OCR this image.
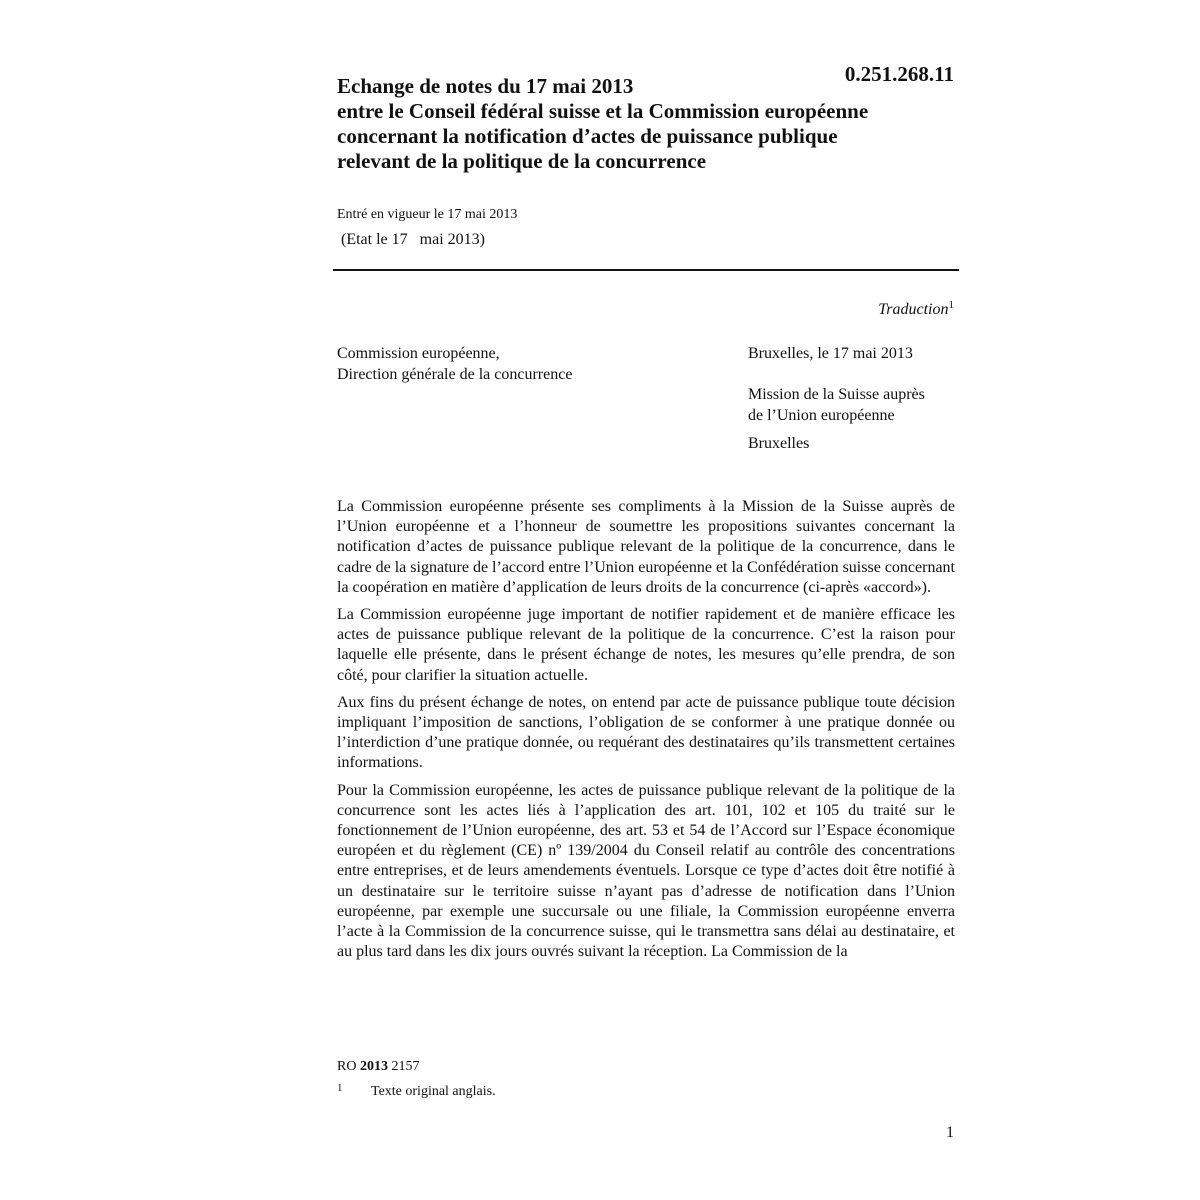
0.251.268.11
Echange de notes du 17 mai 2013
entre le Conseil fédéral suisse et la Commission européenne
concernant la notification d’actes de puissance publique
relevant de la politique de la concurrence
Entré en vigueur le 17 mai 2013
(Etat le 17   mai 2013)
Traduction$^1$
Commission européenne,
Direction générale de la concurrence
Bruxelles, le 17 mai 2013
Mission de la Suisse auprès
de l’Union européenne
Bruxelles

La Commission européenne présente ses compliments à la Mission de la Suisse auprès de l’Union européenne et a l’honneur de soumettre les propositions suivantes concernant la notification d’actes de puissance publique relevant de la politique de la concurrence, dans le cadre de la signature de l’accord entre l’Union européenne et la Confédération suisse concernant la coopération en matière d’application de leurs droits de la concurrence (ci-après «accord»).

La Commission européenne juge important de notifier rapidement et de manière efficace les actes de puissance publique relevant de la politique de la concurrence. C’est la raison pour laquelle elle présente, dans le présent échange de notes, les mesures qu’elle prendra, de son côté, pour clarifier la situation actuelle.

Aux fins du présent échange de notes, on entend par acte de puissance publique toute décision impliquant l’imposition de sanctions, l’obligation de se conformer à une pratique donnée ou l’interdiction d’une pratique donnée, ou requérant des destinataires qu’ils transmettent certaines informations.

Pour la Commission européenne, les actes de puissance publique relevant de la politique de la concurrence sont les actes liés à l’application des art. 101, 102 et 105 du traité sur le fonctionnement de l’Union européenne, des art. 53 et 54 de l’Accord sur l’Espace économique européen et du règlement (CE) nº 139/2004 du Conseil relatif au contrôle des concentrations entre entreprises, et de leurs amendements éventuels. Lorsque ce type d’actes doit être notifié à un destinataire sur le territoire suisse n’ayant pas d’adresse de notification dans l’Union européenne, par exemple une succursale ou une filiale, la Commission européenne enverra l’acte à la Commission de la concurrence suisse, qui le transmettra sans délai au destinataire, et au plus tard dans les dix jours ouvrés suivant la réception. La Commission de la

RO 2013 2157
1 Texte original anglais.
1
